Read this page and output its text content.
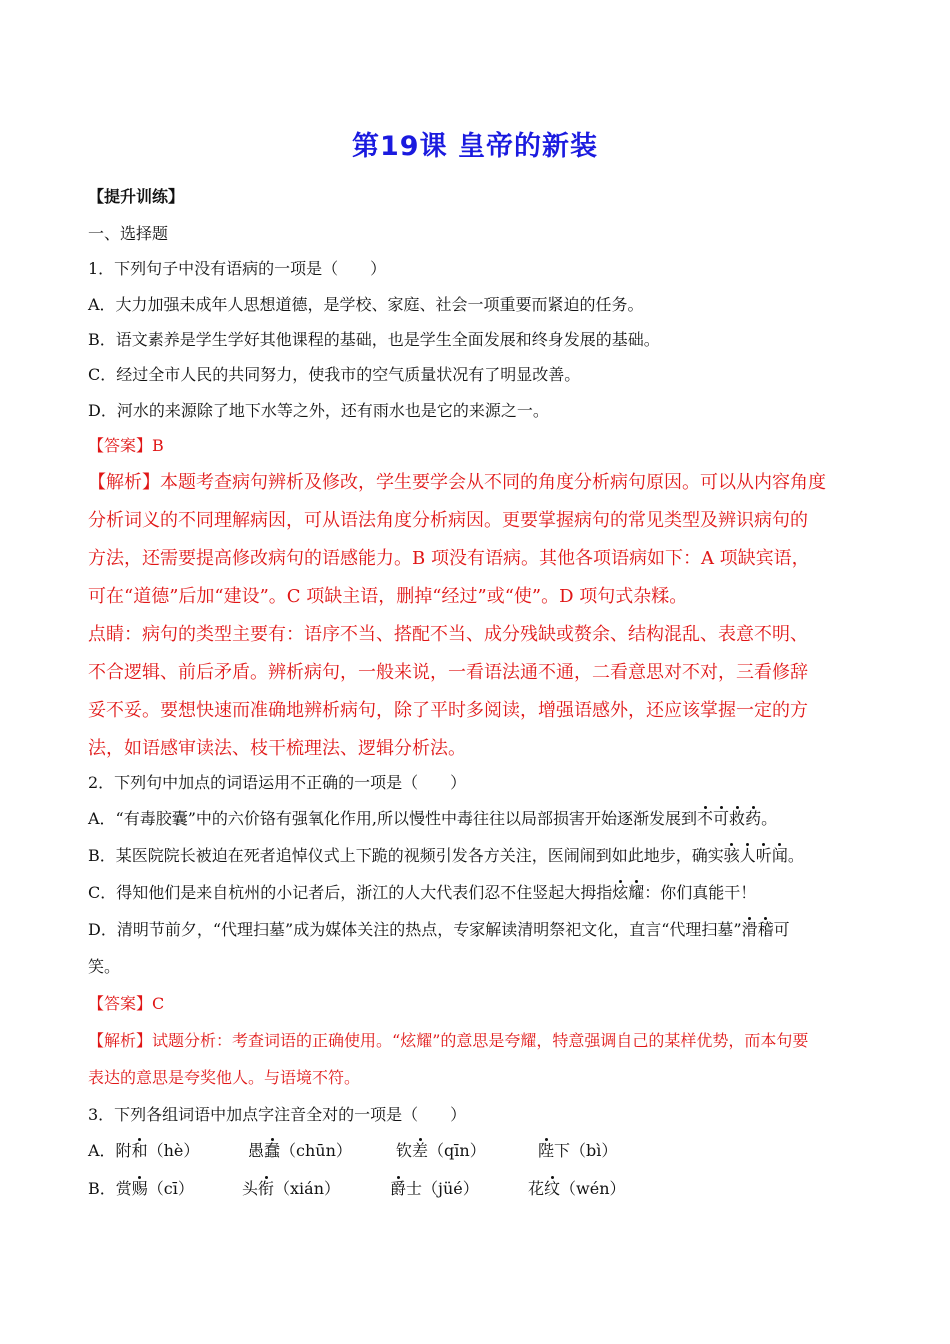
第19课 皇帝的新装
【提升训练】
一、选择题
1．下列句子中没有语病的一项是（　　）
A．大力加强未成年人思想道德，是学校、家庭、社会一项重要而紧迫的任务。
B．语文素养是学生学好其他课程的基础，也是学生全面发展和终身发展的基础。
C．经过全市人民的共同努力，使我市的空气质量状况有了明显改善。
D．河水的来源除了地下水等之外，还有雨水也是它的来源之一。
【答案】B
【解析】本题考查病句辨析及修改，学生要学会从不同的角度分析病句原因。可以从内容角度
分析词义的不同理解病因，可从语法角度分析病因。更要掌握病句的常见类型及辨识病句的
方法，还需要提高修改病句的语感能力。B 项没有语病。其他各项语病如下：A 项缺宾语，
可在“道德”后加“建设”。C 项缺主语，删掉“经过”或“使”。D 项句式杂糅。
点睛：病句的类型主要有：语序不当、搭配不当、成分残缺或赘余、结构混乱、表意不明、
不合逻辑、前后矛盾。辨析病句，一般来说，一看语法通不通，二看意思对不对，三看修辞
妥不妥。要想快速而准确地辨析病句，除了平时多阅读，增强语感外，还应该掌握一定的方
法，如语感审读法、枝干梳理法、逻辑分析法。
2．下列句中加点的词语运用不正确的一项是（　　）
A．“有毒胶囊”中的六价铬有强氧化作用,所以慢性中毒往往以局部损害开始逐渐发展到不可救药。
B．某医院院长被迫在死者追悼仪式上下跪的视频引发各方关注，医闹闹到如此地步，确实骇人听闻。
C．得知他们是来自杭州的小记者后，浙江的人大代表们忍不住竖起大拇指炫耀：你们真能干！
D．清明节前夕，“代理扫墓”成为媒体关注的热点，专家解读清明祭祀文化，直言“代理扫墓”滑稽可
笑。
【答案】C
【解析】试题分析：考查词语的正确使用。“炫耀”的意思是夸耀，特意强调自己的某样优势，而本句要
表达的意思是夸奖他人。与语境不符。
3．下列各组词语中加点字注音全对的一项是（　　）
A．附和（hè）	愚蠢（chūn）	钦差（qīn）	陛下（bì）
B．赏赐（cī）	头衔（xián）	爵士（jüé）	花纹（wén）
